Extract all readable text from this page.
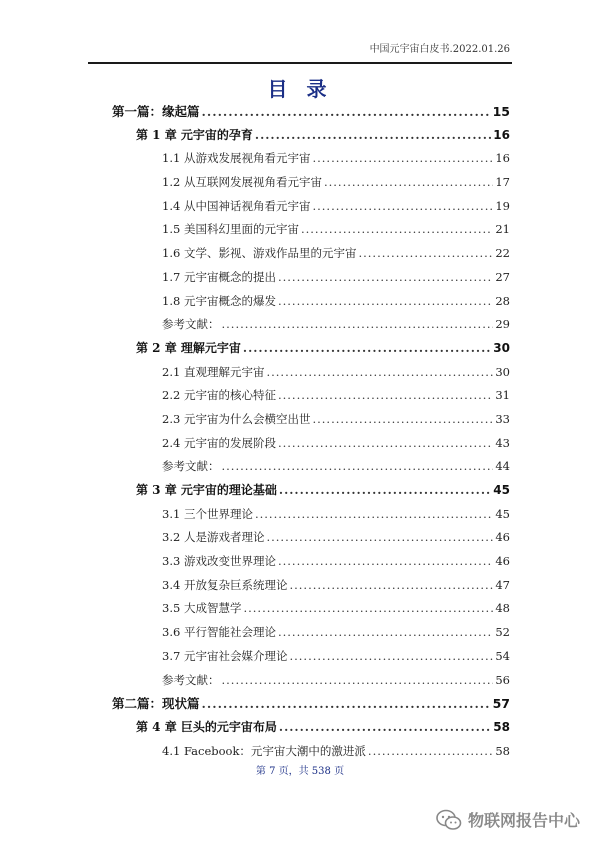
中国元宇宙白皮书.2022.01.26
目 录
第一篇：缘起篇 .....	15
第 1 章 元宇宙的孕育 .....	16
1.1 从游戏发展视角看元宇宙 .....	16
1.2 从互联网发展视角看元宇宙 .....	17
1.4 从中国神话视角看元宇宙 .....	19
1.5 美国科幻里面的元宇宙 .....	21
1.6 文学、影视、游戏作品里的元宇宙 .....	22
1.7 元宇宙概念的提出 .....	27
1.8 元宇宙概念的爆发 .....	28
参考文献： .....	29
第 2 章 理解元宇宙 .....	30
2.1 直观理解元宇宙 .....	30
2.2 元宇宙的核心特征 .....	31
2.3 元宇宙为什么会横空出世 .....	33
2.4 元宇宙的发展阶段 .....	43
参考文献： .....	44
第 3 章 元宇宙的理论基础 .....	45
3.1 三个世界理论 .....	45
3.2 人是游戏者理论 .....	46
3.3 游戏改变世界理论 .....	46
3.4 开放复杂巨系统理论 .....	47
3.5 大成智慧学 .....	48
3.6 平行智能社会理论 .....	52
3.7 元宇宙社会媒介理论 .....	54
参考文献： .....	56
第二篇：现状篇 .....	57
第 4 章 巨头的元宇宙布局 .....	58
4.1 Facebook：元宇宙大潮中的激进派 .....	58
第 7 页，共 538 页
物联网报告中心
